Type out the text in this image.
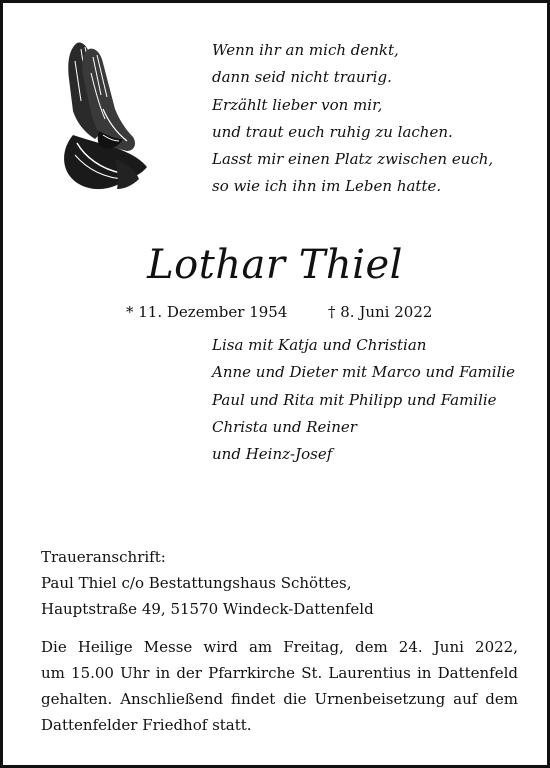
Wenn ihr an mich denkt,
dann seid nicht traurig.
Erzählt lieber von mir,
und traut euch ruhig zu lachen.
Lasst mir einen Platz zwischen euch,
so wie ich ihn im Leben hatte.
Lothar Thiel
* 11. Dezember 1954	† 8. Juni 2022
Lisa mit Katja und Christian
Anne und Dieter mit Marco und Familie
Paul und Rita mit Philipp und Familie
Christa und Reiner
und Heinz-Josef
Traueranschrift:
Paul Thiel c/o Bestattungshaus Schöttes,
Hauptstraße 49, 51570 Windeck-Dattenfeld
Die Heilige Messe wird am Freitag, dem 24. Juni 2022,
um 15.00 Uhr in der Pfarrkirche St. Laurentius in Dattenfeld
gehalten. Anschließend findet die Urnenbeisetzung auf dem
Dattenfelder Friedhof statt.
